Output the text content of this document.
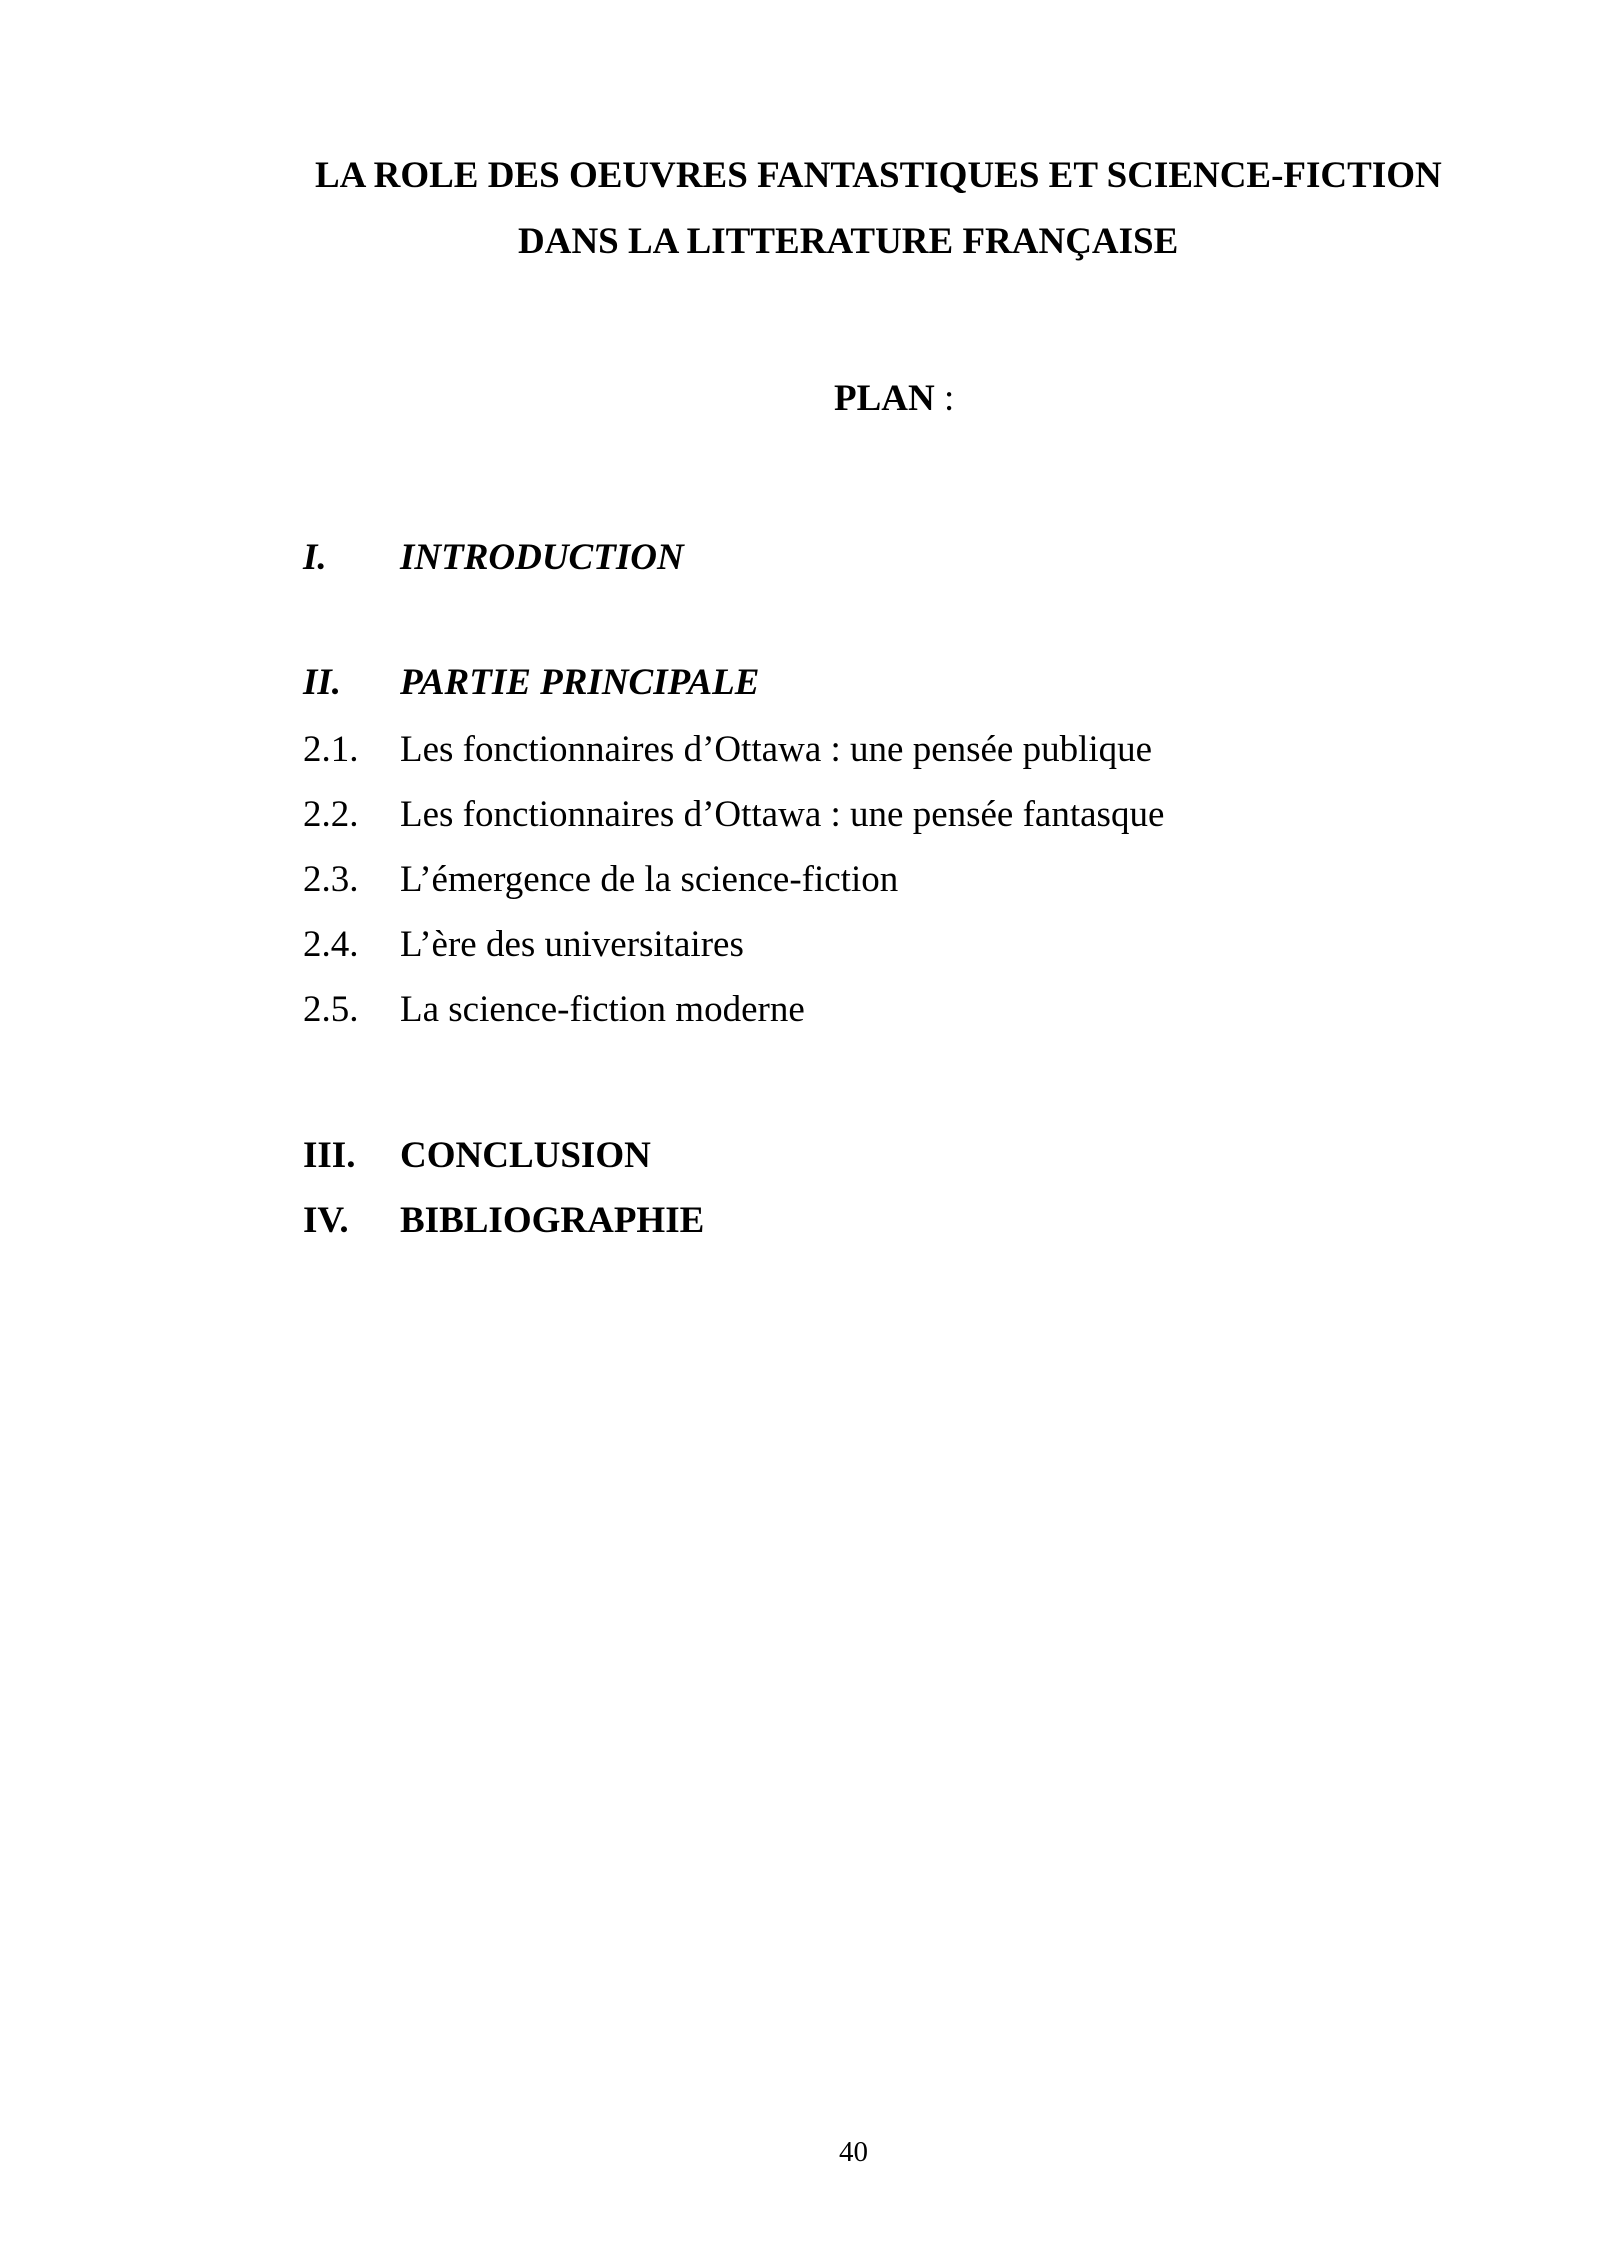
LA ROLE DES OEUVRES FANTASTIQUES ET SCIENCE-FICTION
DANS LA LITTERATURE FRANÇAISE
PLAN :
I. INTRODUCTION
II. PARTIE PRINCIPALE
2.1. Les fonctionnaires d’Ottawa : une pensée publique
2.2. Les fonctionnaires d’Ottawa : une pensée fantasque
2.3. L’émergence de la science-fiction
2.4. L’ère des universitaires
2.5. La science-fiction moderne
III. CONCLUSION
IV. BIBLIOGRAPHIE
40
